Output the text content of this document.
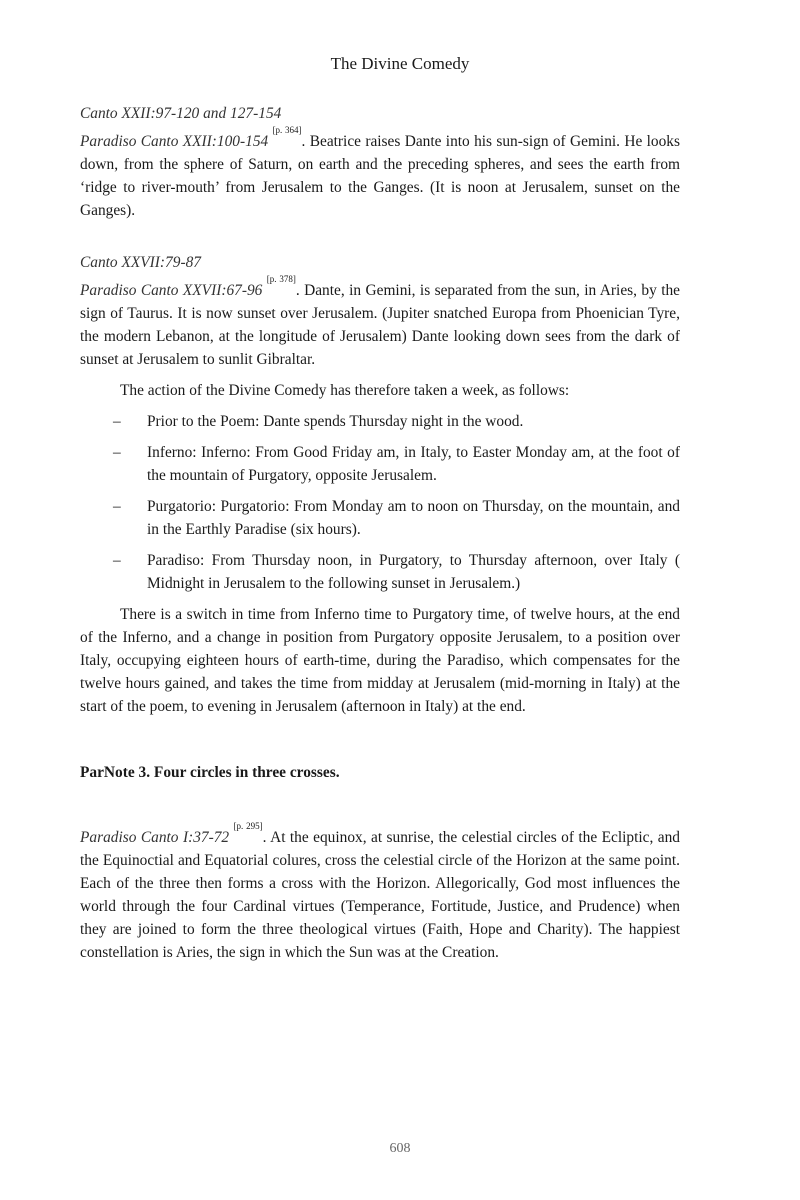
The Divine Comedy

Canto XXII:97-120 and 127-154

Paradiso Canto XXII:100-154 [p. 364]. Beatrice raises Dante into his sun-sign of Gemini. He looks down, from the sphere of Saturn, on earth and the preceding spheres, and sees the earth from ‘ridge to river-mouth’ from Jerusalem to the Ganges. (It is noon at Jerusalem, sunset on the Ganges).

Canto XXVII:79-87

Paradiso Canto XXVII:67-96 [p. 378]. Dante, in Gemini, is separated from the sun, in Aries, by the sign of Taurus. It is now sunset over Jerusalem. (Jupiter snatched Europa from Phoenician Tyre, the modern Lebanon, at the longitude of Jerusalem) Dante looking down sees from the dark of sunset at Jerusalem to sunlit Gibraltar.

The action of the Divine Comedy has therefore taken a week, as follows:

– Prior to the Poem: Dante spends Thursday night in the wood.
– Inferno: Inferno: From Good Friday am, in Italy, to Easter Monday am, at the foot of the mountain of Purgatory, opposite Jerusalem.
– Purgatorio: Purgatorio: From Monday am to noon on Thursday, on the mountain, and in the Earthly Paradise (six hours).
– Paradiso: From Thursday noon, in Purgatory, to Thursday afternoon, over Italy ( Midnight in Jerusalem to the following sunset in Jerusalem.)

There is a switch in time from Inferno time to Purgatory time, of twelve hours, at the end of the Inferno, and a change in position from Purgatory opposite Jerusalem, to a position over Italy, occupying eighteen hours of earth-time, during the Paradiso, which compensates for the twelve hours gained, and takes the time from midday at Jerusalem (mid-morning in Italy) at the start of the poem, to evening in Jerusalem (afternoon in Italy) at the end.

ParNote 3. Four circles in three crosses.

Paradiso Canto I:37-72 [p. 295]. At the equinox, at sunrise, the celestial circles of the Ecliptic, and the Equinoctial and Equatorial colures, cross the celestial circle of the Horizon at the same point. Each of the three then forms a cross with the Horizon. Allegorically, God most influences the world through the four Cardinal virtues (Temperance, Fortitude, Justice, and Prudence) when they are joined to form the three theological virtues (Faith, Hope and Charity). The happiest constellation is Aries, the sign in which the Sun was at the Creation.

608
